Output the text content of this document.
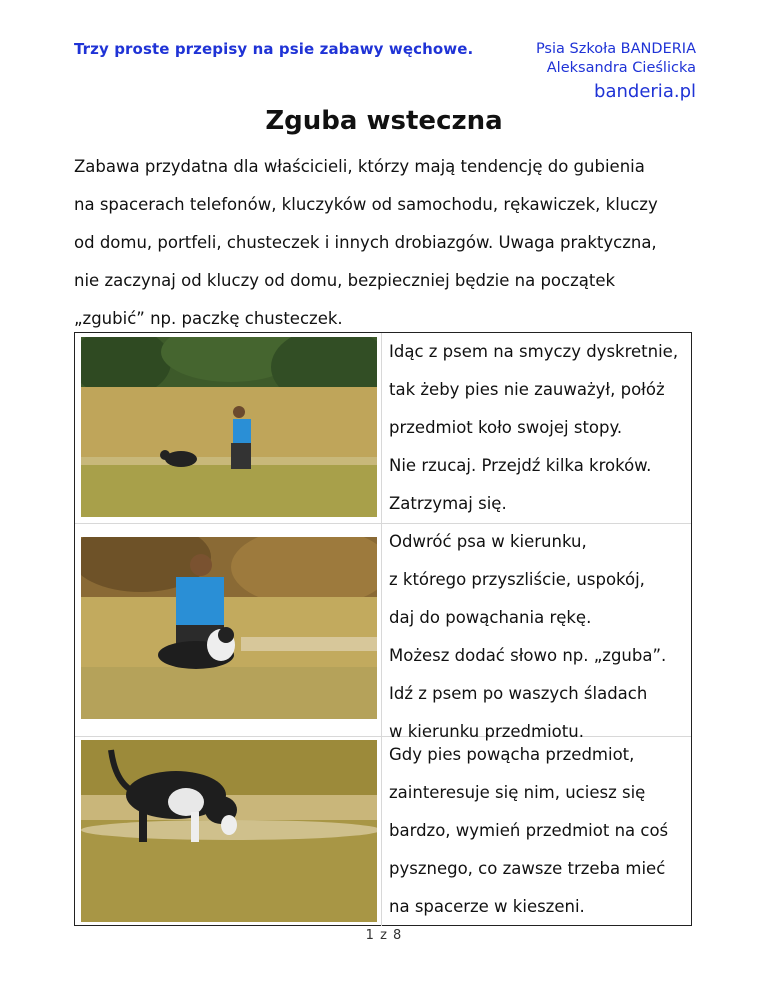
Trzy proste przepisy na psie zabawy węchowe.	Psia Szkoła BANDERIA
Aleksandra Cieślicka
banderia.pl
Zguba wsteczna
Zabawa przydatna dla właścicieli, którzy mają tendencję do gubienia
na spacerach telefonów, kluczyków od samochodu, rękawiczek, kluczy
od domu, portfeli, chusteczek i innych drobiazgów. Uwaga praktyczna,
nie zaczynaj od kluczy od domu, bezpieczniej będzie na początek
„zgubić” np. paczkę chusteczek.
Idąc z psem na smyczy dyskretnie,
tak żeby pies nie zauważył, połóż
przedmiot koło swojej stopy.
Nie rzucaj. Przejdź kilka kroków.
Zatrzymaj się.
Odwróć psa w kierunku,
z którego przyszliście, uspokój,
daj do powąchania rękę.
Możesz dodać słowo np. „zguba”.
Idź z psem po waszych śladach
w kierunku przedmiotu.
Gdy pies powącha przedmiot,
zainteresuje się nim, uciesz się
bardzo, wymień przedmiot na coś
pysznego, co zawsze trzeba mieć
na spacerze w kieszeni.
1 z 8
